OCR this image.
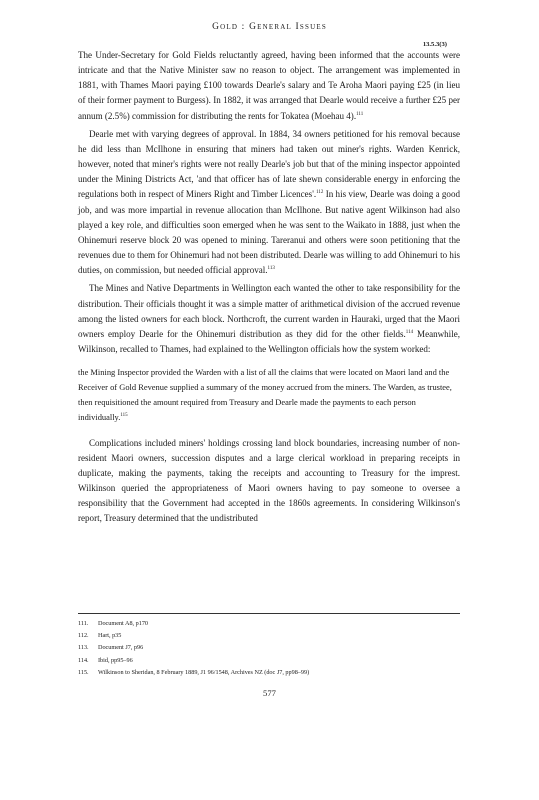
Gold : General Issues
13.5.3(3)

The Under-Secretary for Gold Fields reluctantly agreed, having been informed that the accounts were intricate and that the Native Minister saw no reason to object. The arrangement was implemented in 1881, with Thames Maori paying £100 towards Dearle's salary and Te Aroha Maori paying £25 (in lieu of their former payment to Burgess). In 1882, it was arranged that Dearle would receive a further £25 per annum (2.5%) commission for distributing the rents for Tokatea (Moehau 4).$^{111}$

Dearle met with varying degrees of approval. In 1884, 34 owners petitioned for his removal because he did less than McIlhone in ensuring that miners had taken out miner's rights. Warden Kenrick, however, noted that miner's rights were not really Dearle's job but that of the mining inspector appointed under the Mining Districts Act, 'and that officer has of late shewn considerable energy in enforcing the regulations both in respect of Miners Right and Timber Licences'.$^{112}$ In his view, Dearle was doing a good job, and was more impartial in revenue allocation than McIlhone. But native agent Wilkinson had also played a key role, and difficulties soon emerged when he was sent to the Waikato in 1888, just when the Ohinemuri reserve block 20 was opened to mining. Tareranui and others were soon petitioning that the revenues due to them for Ohinemuri had not been distributed. Dearle was willing to add Ohinemuri to his duties, on commission, but needed official approval.$^{113}$

The Mines and Native Departments in Wellington each wanted the other to take responsibility for the distribution. Their officials thought it was a simple matter of arithmetical division of the accrued revenue among the listed owners for each block. Northcroft, the current warden in Hauraki, urged that the Maori owners employ Dearle for the Ohinemuri distribution as they did for the other fields.$^{114}$ Meanwhile, Wilkinson, recalled to Thames, had explained to the Wellington officials how the system worked:

the Mining Inspector provided the Warden with a list of all the claims that were located on Maori land and the Receiver of Gold Revenue supplied a summary of the money accrued from the miners. The Warden, as trustee, then requisitioned the amount required from Treasury and Dearle made the payments to each person individually.$^{115}$

Complications included miners' holdings crossing land block boundaries, increasing number of non-resident Maori owners, succession disputes and a large clerical workload in preparing receipts in duplicate, making the payments, taking the receipts and accounting to Treasury for the imprest. Wilkinson queried the appropriateness of Maori owners having to pay someone to oversee a responsibility that the Government had accepted in the 1860s agreements. In considering Wilkinson's report, Treasury determined that the undistributed

111. Document A8, p170
112. Hart, p35
113. Document J7, p96
114. Ibid, pp95–96
115. Wilkinson to Sheridan, 8 February 1889, J1 96/1548, Archives NZ (doc J7, pp98–99)
577
